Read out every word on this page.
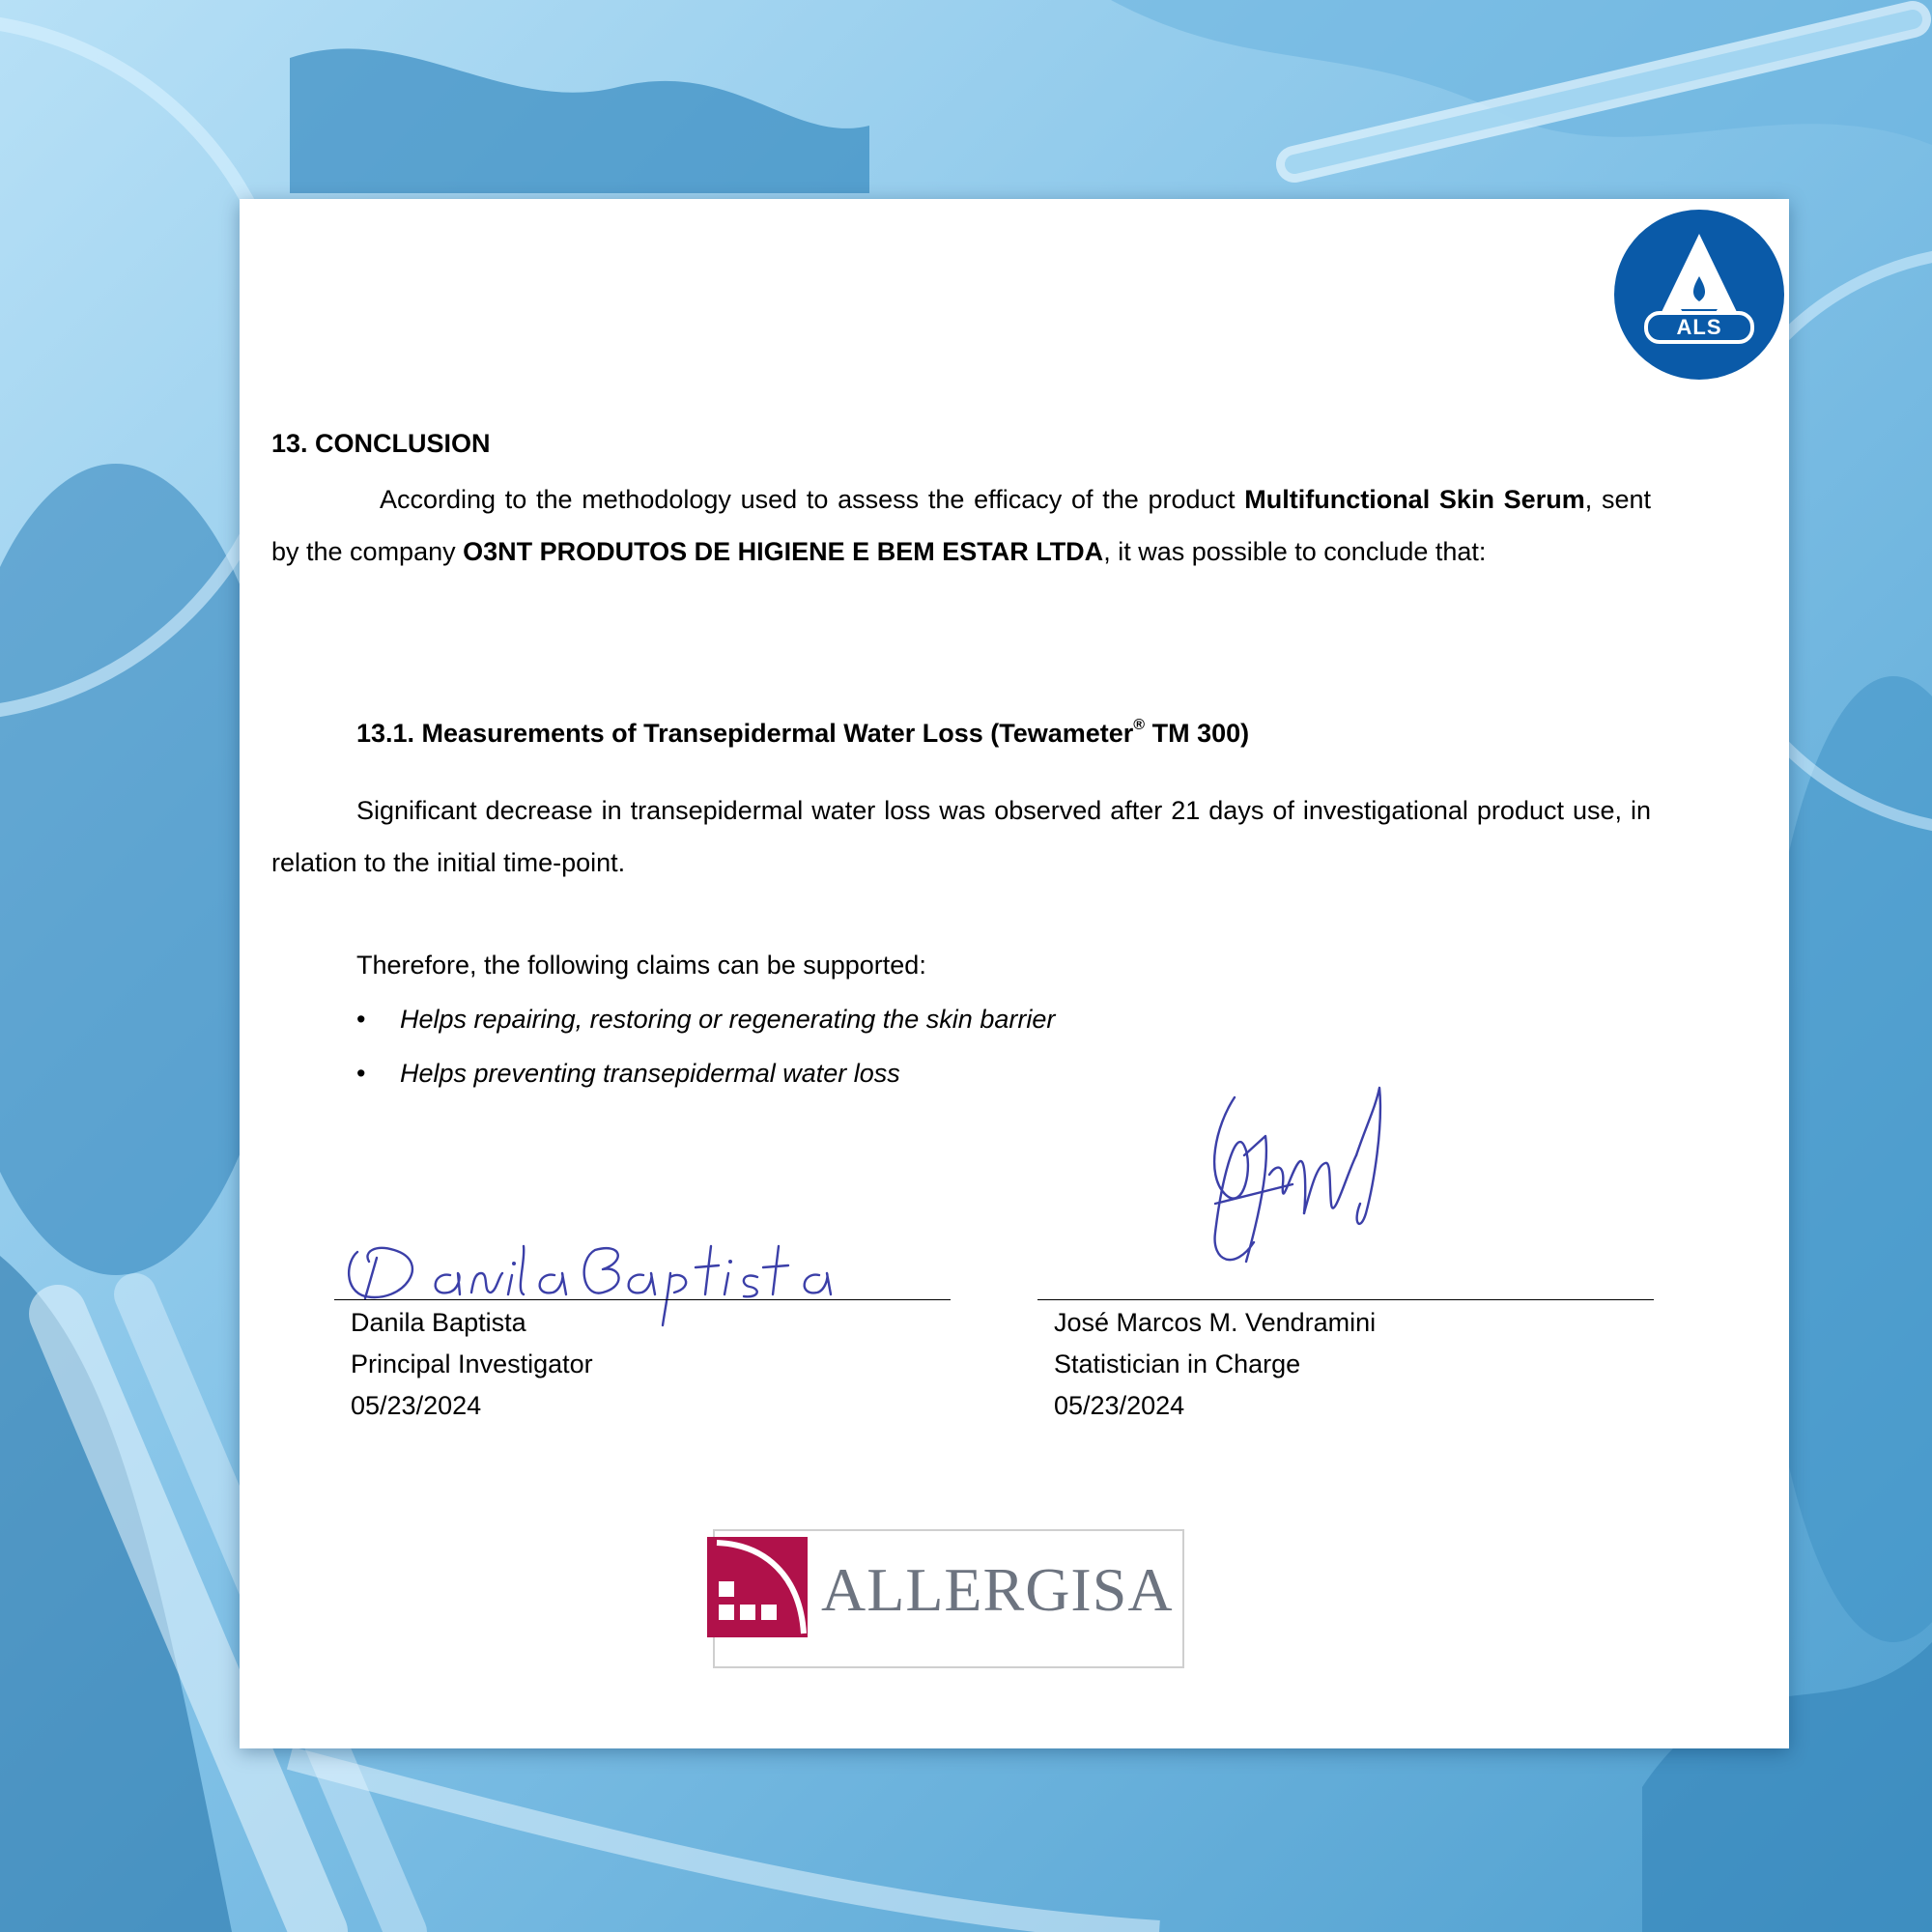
ALS
13. CONCLUSION
According to the methodology used to assess the efficacy of the product Multifunctional Skin Serum, sent by the company O3NT PRODUTOS DE HIGIENE E BEM ESTAR LTDA, it was possible to conclude that:
13.1. Measurements of Transepidermal Water Loss (Tewameter® TM 300)
Significant decrease in transepidermal water loss was observed after 21 days of investigational product use, in relation to the initial time-point.
Therefore, the following claims can be supported:
• Helps repairing, restoring or regenerating the skin barrier
• Helps preventing transepidermal water loss
Danila Baptista
Principal Investigator
05/23/2024
José Marcos M. Vendramini
Statistician in Charge
05/23/2024
ALLERGISA
